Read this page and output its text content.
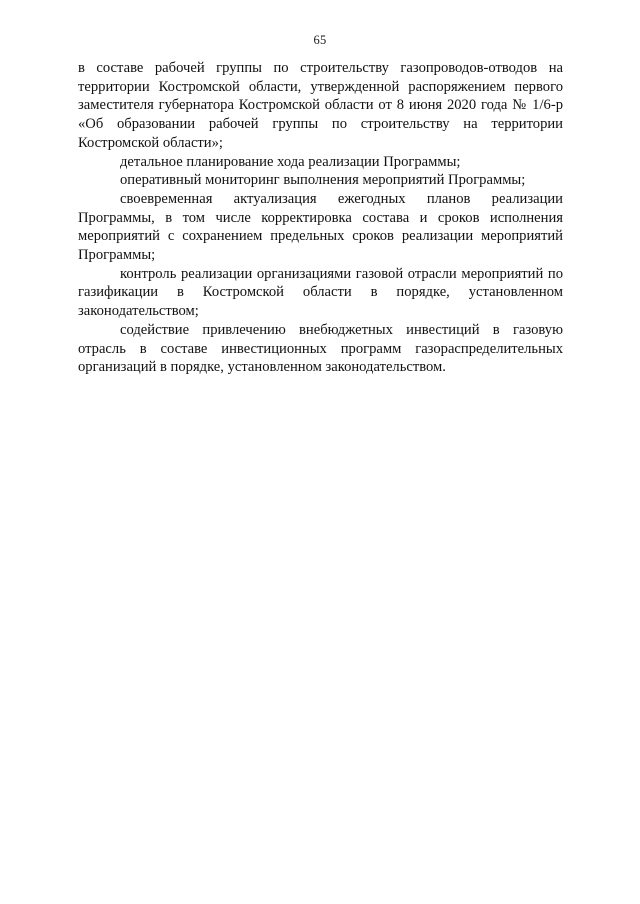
65

в составе рабочей группы по строительству газопроводов-отводов на территории Костромской области, утвержденной распоряжением первого заместителя губернатора Костромской области от 8 июня 2020 года № 1/6-р «Об образовании рабочей группы по строительству на территории Костромской области»;

детальное планирование хода реализации Программы;

оперативный мониторинг выполнения мероприятий Программы;

своевременная актуализация ежегодных планов реализации Программы, в том числе корректировка состава и сроков исполнения мероприятий с сохранением предельных сроков реализации мероприятий Программы;

контроль реализации организациями газовой отрасли мероприятий по газификации в Костромской области в порядке, установленном законодательством;

содействие привлечению внебюджетных инвестиций в газовую отрасль в составе инвестиционных программ газораспределительных организаций в порядке, установленном законодательством.
